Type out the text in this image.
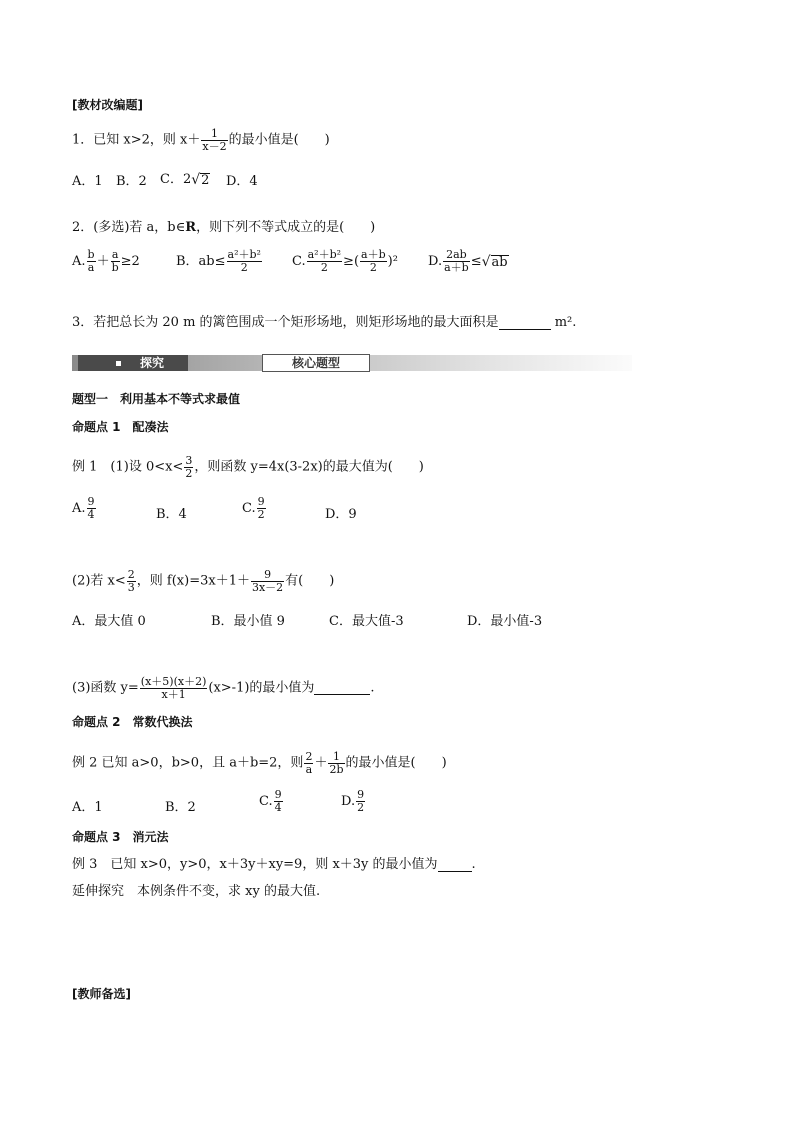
[教材改编题]
1．已知 x>2，则 $x+ \frac{1}{x-2}$ 的最小值是(　　)
A．1 B．2 C．2√2 D．4
2．(多选)若 a，b∈R，则下列不等式成立的是(　　)
A. $\frac{b}{a} + \frac{a}{b} \ge 2$	B．$ab\le \frac{\text{a²＋b²}}{2} C$. $\frac{\text{a²＋b²}}{2}$ ≥( $\frac{a+b}{2} )^2$ D. $\frac{2ab}{a+b} \le√ab$
3．若把总长为 20 m 的篱笆围成一个矩形场地，则矩形场地的最大面积是	m².
探究	核心题型
题型一　利用基本不等式求最值
命题点 1　配凑法
例 1　(1)设 $0<x< \frac{3}{2}$ ，则函数 y=4x(3-2x)的最大值为(　　)
A. $\frac{9}{4}$	B．4	C. $\frac{9}{2}$	D．9
(2)若 $x< \frac{2}{3}$ ，则 $f(x)=3x+1+ \frac{9}{3x-2}$ 有(　　)
A．最大值 0	B．最小值 9	C．最大值-3	D．最小值-3
(3)函数 $y= \frac{(x+5)(x+2)}{x+1} (x>-1)$的最小值为	.
命题点 2　常数代换法
例 2 已知 a>0，b>0，且 a＋b=2，则 $\frac{2}{a} + \frac{1}{2b}$ 的最小值是(　　)
A．1	B．2	C. $\frac{9}{4}$	D. $\frac{9}{2}$
命题点 3　消元法
例 3　已知 x>0，y>0，x＋3y＋xy=9，则 x＋3y 的最小值为	.
延伸探究　本例条件不变，求 xy 的最大值.
[教师备选]
